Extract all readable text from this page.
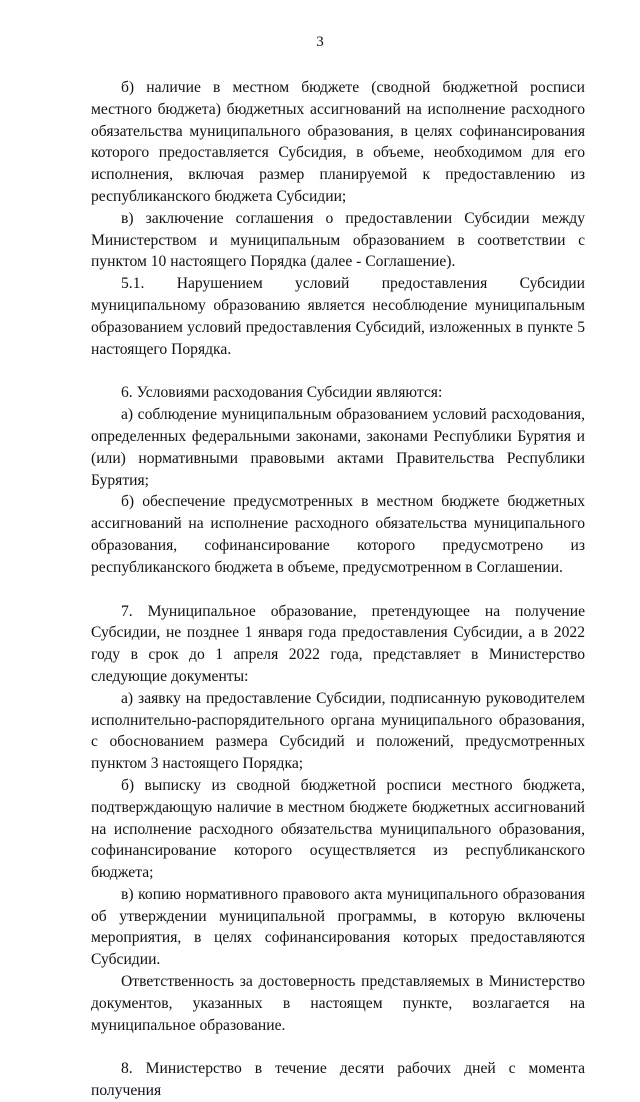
3

б) наличие в местном бюджете (сводной бюджетной росписи местного бюджета) бюджетных ассигнований на исполнение расходного обязательства муниципального образования, в целях софинансирования которого предоставляется Субсидия, в объеме, необходимом для его исполнения, включая размер планируемой к предоставлению из республиканского бюджета Субсидии;

в) заключение соглашения о предоставлении Субсидии между Министерством и муниципальным образованием в соответствии с пунктом 10 настоящего Порядка (далее - Соглашение).

5.1. Нарушением условий предоставления Субсидии муниципальному образованию является несоблюдение муниципальным образованием условий предоставления Субсидий, изложенных в пункте 5 настоящего Порядка.

6. Условиями расходования Субсидии являются:

а) соблюдение муниципальным образованием условий расходования, определенных федеральными законами, законами Республики Бурятия и (или) нормативными правовыми актами Правительства Республики Бурятия;

б) обеспечение предусмотренных в местном бюджете бюджетных ассигнований на исполнение расходного обязательства муниципального образования, софинансирование которого предусмотрено из республиканского бюджета в объеме, предусмотренном в Соглашении.

7. Муниципальное образование, претендующее на получение Субсидии, не позднее 1 января года предоставления Субсидии, а в 2022 году в срок до 1 апреля 2022 года, представляет в Министерство следующие документы:

а) заявку на предоставление Субсидии, подписанную руководителем исполнительно-распорядительного органа муниципального образования, с обоснованием размера Субсидий и положений, предусмотренных пунктом 3 настоящего Порядка;

б) выписку из сводной бюджетной росписи местного бюджета, подтверждающую наличие в местном бюджете бюджетных ассигнований на исполнение расходного обязательства муниципального образования, софинансирование которого осуществляется из республиканского бюджета;

в) копию нормативного правового акта муниципального образования об утверждении муниципальной программы, в которую включены мероприятия, в целях софинансирования которых предоставляются Субсидии.

Ответственность за достоверность представляемых в Министерство документов, указанных в настоящем пункте, возлагается на муниципальное образование.

8. Министерство в течение десяти рабочих дней с момента получения
